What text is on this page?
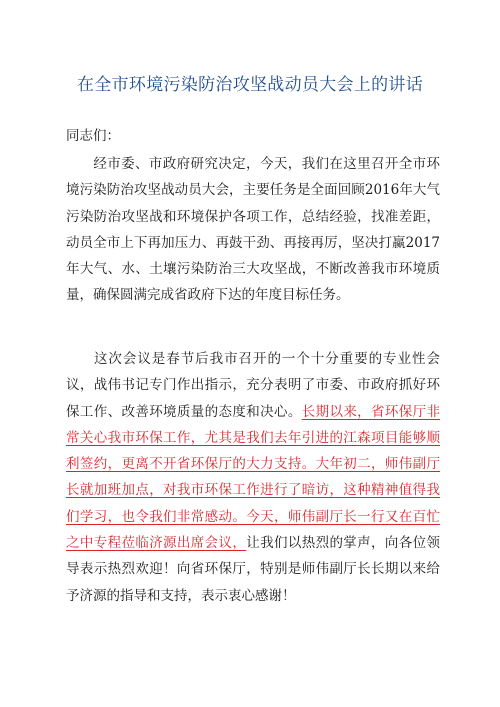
在全市环境污染防治攻坚战动员大会上的讲话
同志们：

经市委、市政府研究决定，今天，我们在这里召开全市环境污染防治攻坚战动员大会，主要任务是全面回顾2016年大气污染防治攻坚战和环境保护各项工作，总结经验，找准差距，动员全市上下再加压力、再鼓干劲、再接再厉，坚决打赢2017年大气、水、土壤污染防治三大攻坚战，不断改善我市环境质量，确保圆满完成省政府下达的年度目标任务。

这次会议是春节后我市召开的一个十分重要的专业性会议，战伟书记专门作出指示，充分表明了市委、市政府抓好环保工作、改善环境质量的态度和决心。长期以来，省环保厅非常关心我市环保工作，尤其是我们去年引进的江森项目能够顺利签约，更离不开省环保厅的大力支持。大年初二，师伟副厅长就加班加点，对我市环保工作进行了暗访，这种精神值得我们学习，也令我们非常感动。今天，师伟副厅长一行又在百忙之中专程莅临济源出席会议，让我们以热烈的掌声，向各位领导表示热烈欢迎！向省环保厅，特别是师伟副厅长长期以来给予济源的指导和支持，表示衷心感谢！
